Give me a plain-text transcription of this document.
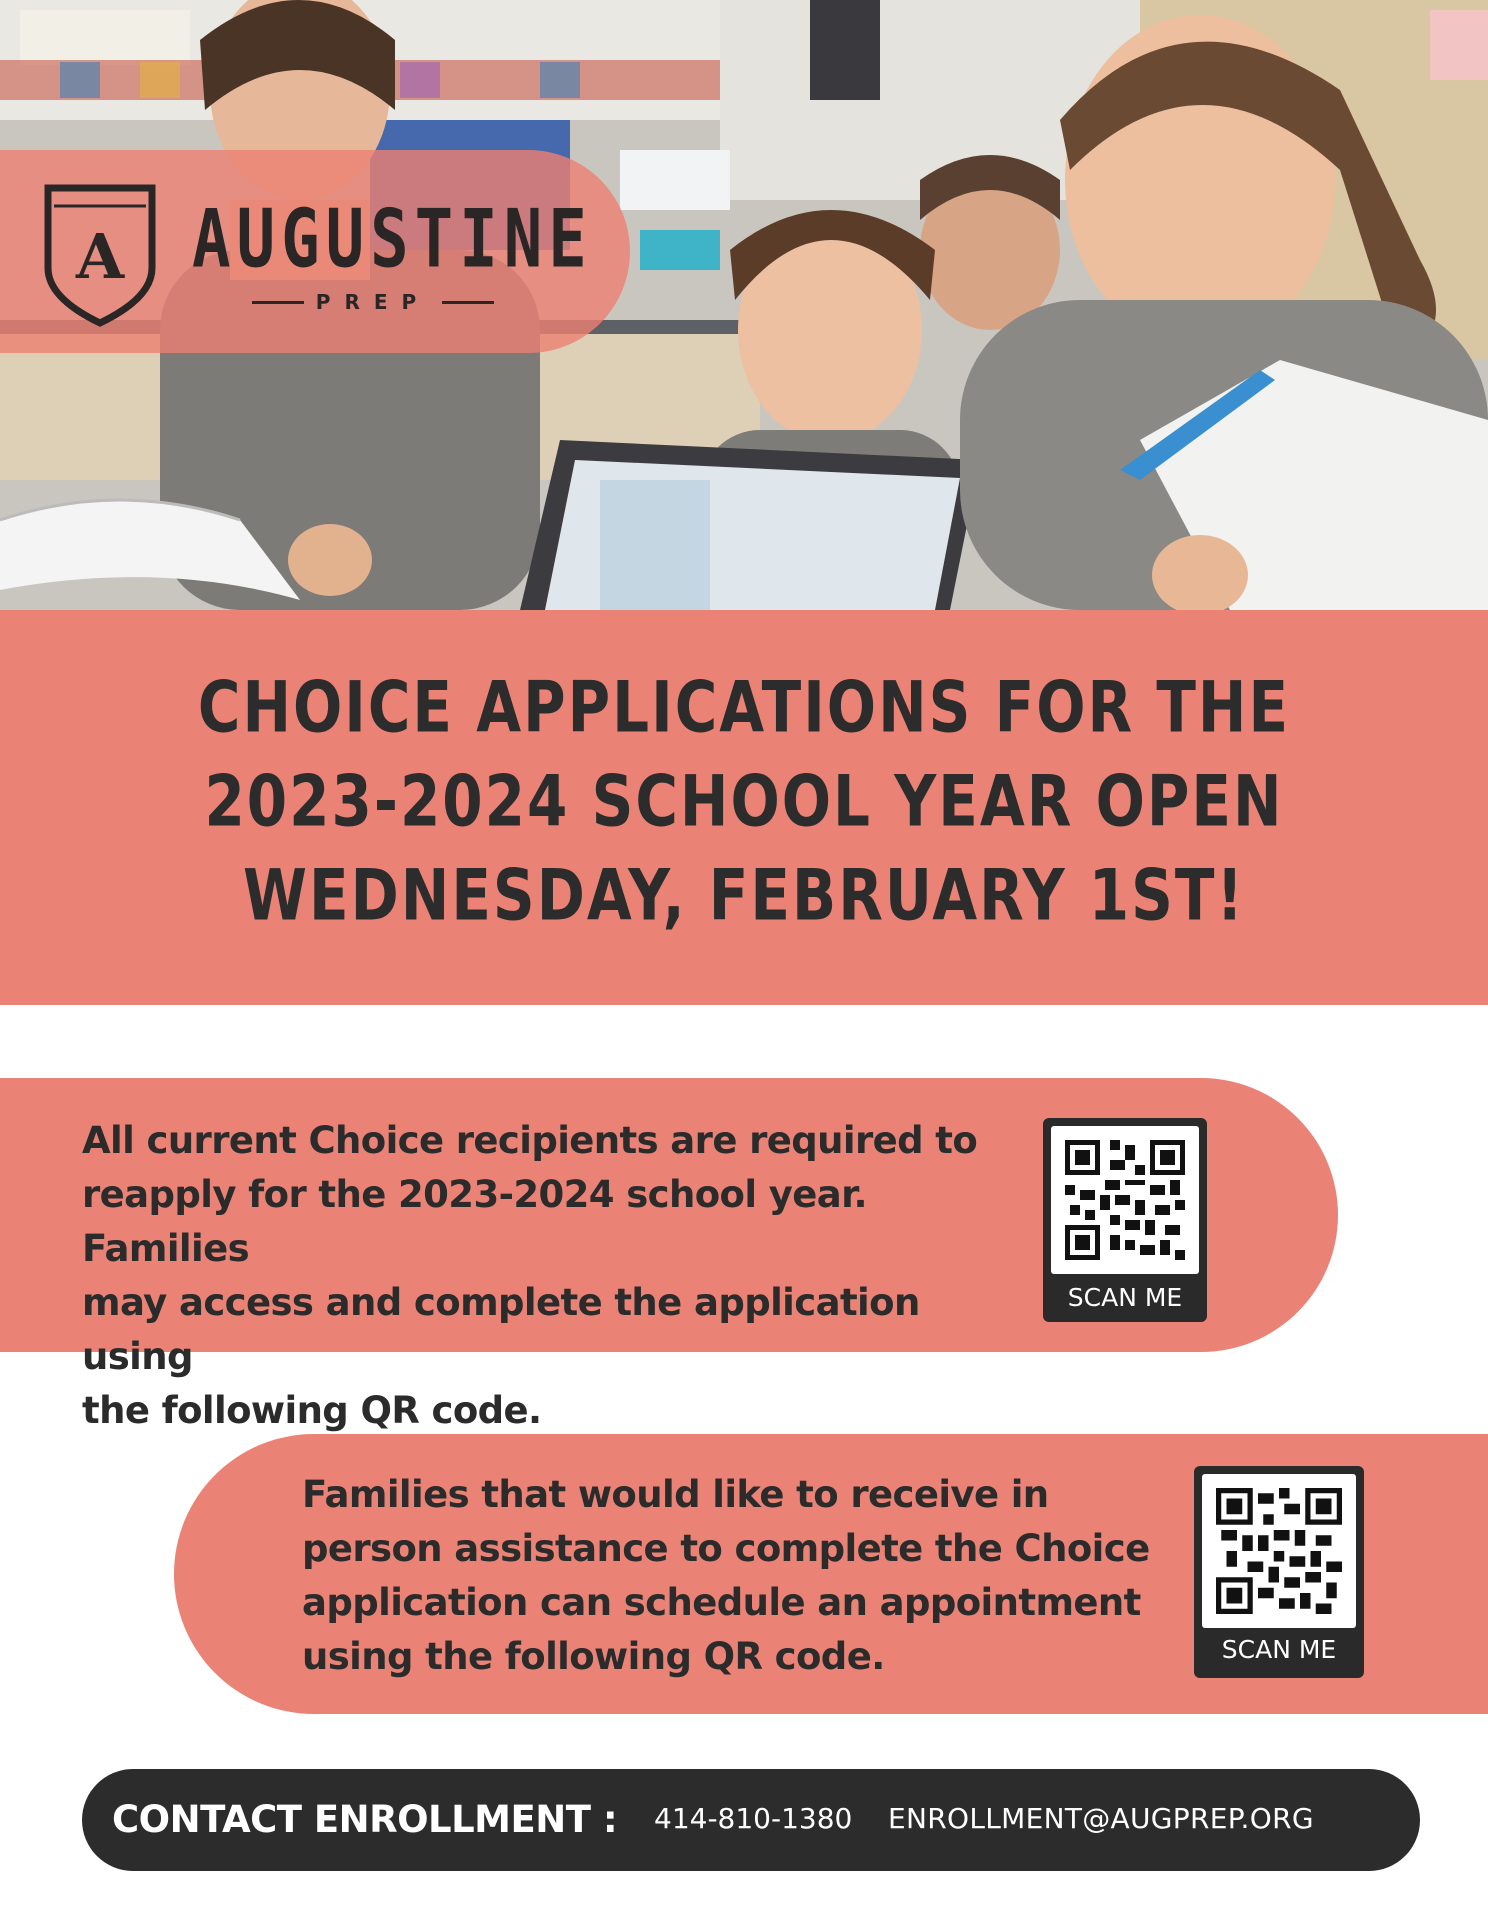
A AUGUSTINE
PREP
CHOICE APPLICATIONS FOR THE
2023-2024 SCHOOL YEAR OPEN
WEDNESDAY, FEBRUARY 1ST!

All current Choice recipients are required to
reapply for the 2023-2024 school year. Families
may access and complete the application using
the following QR code.

SCAN ME

Families that would like to receive in
person assistance to complete the Choice
application can schedule an appointment
using the following QR code.	SCAN ME
CONTACT ENROLLMENT : 414-810-1380 ENROLLMENT@AUGPREP.ORG
